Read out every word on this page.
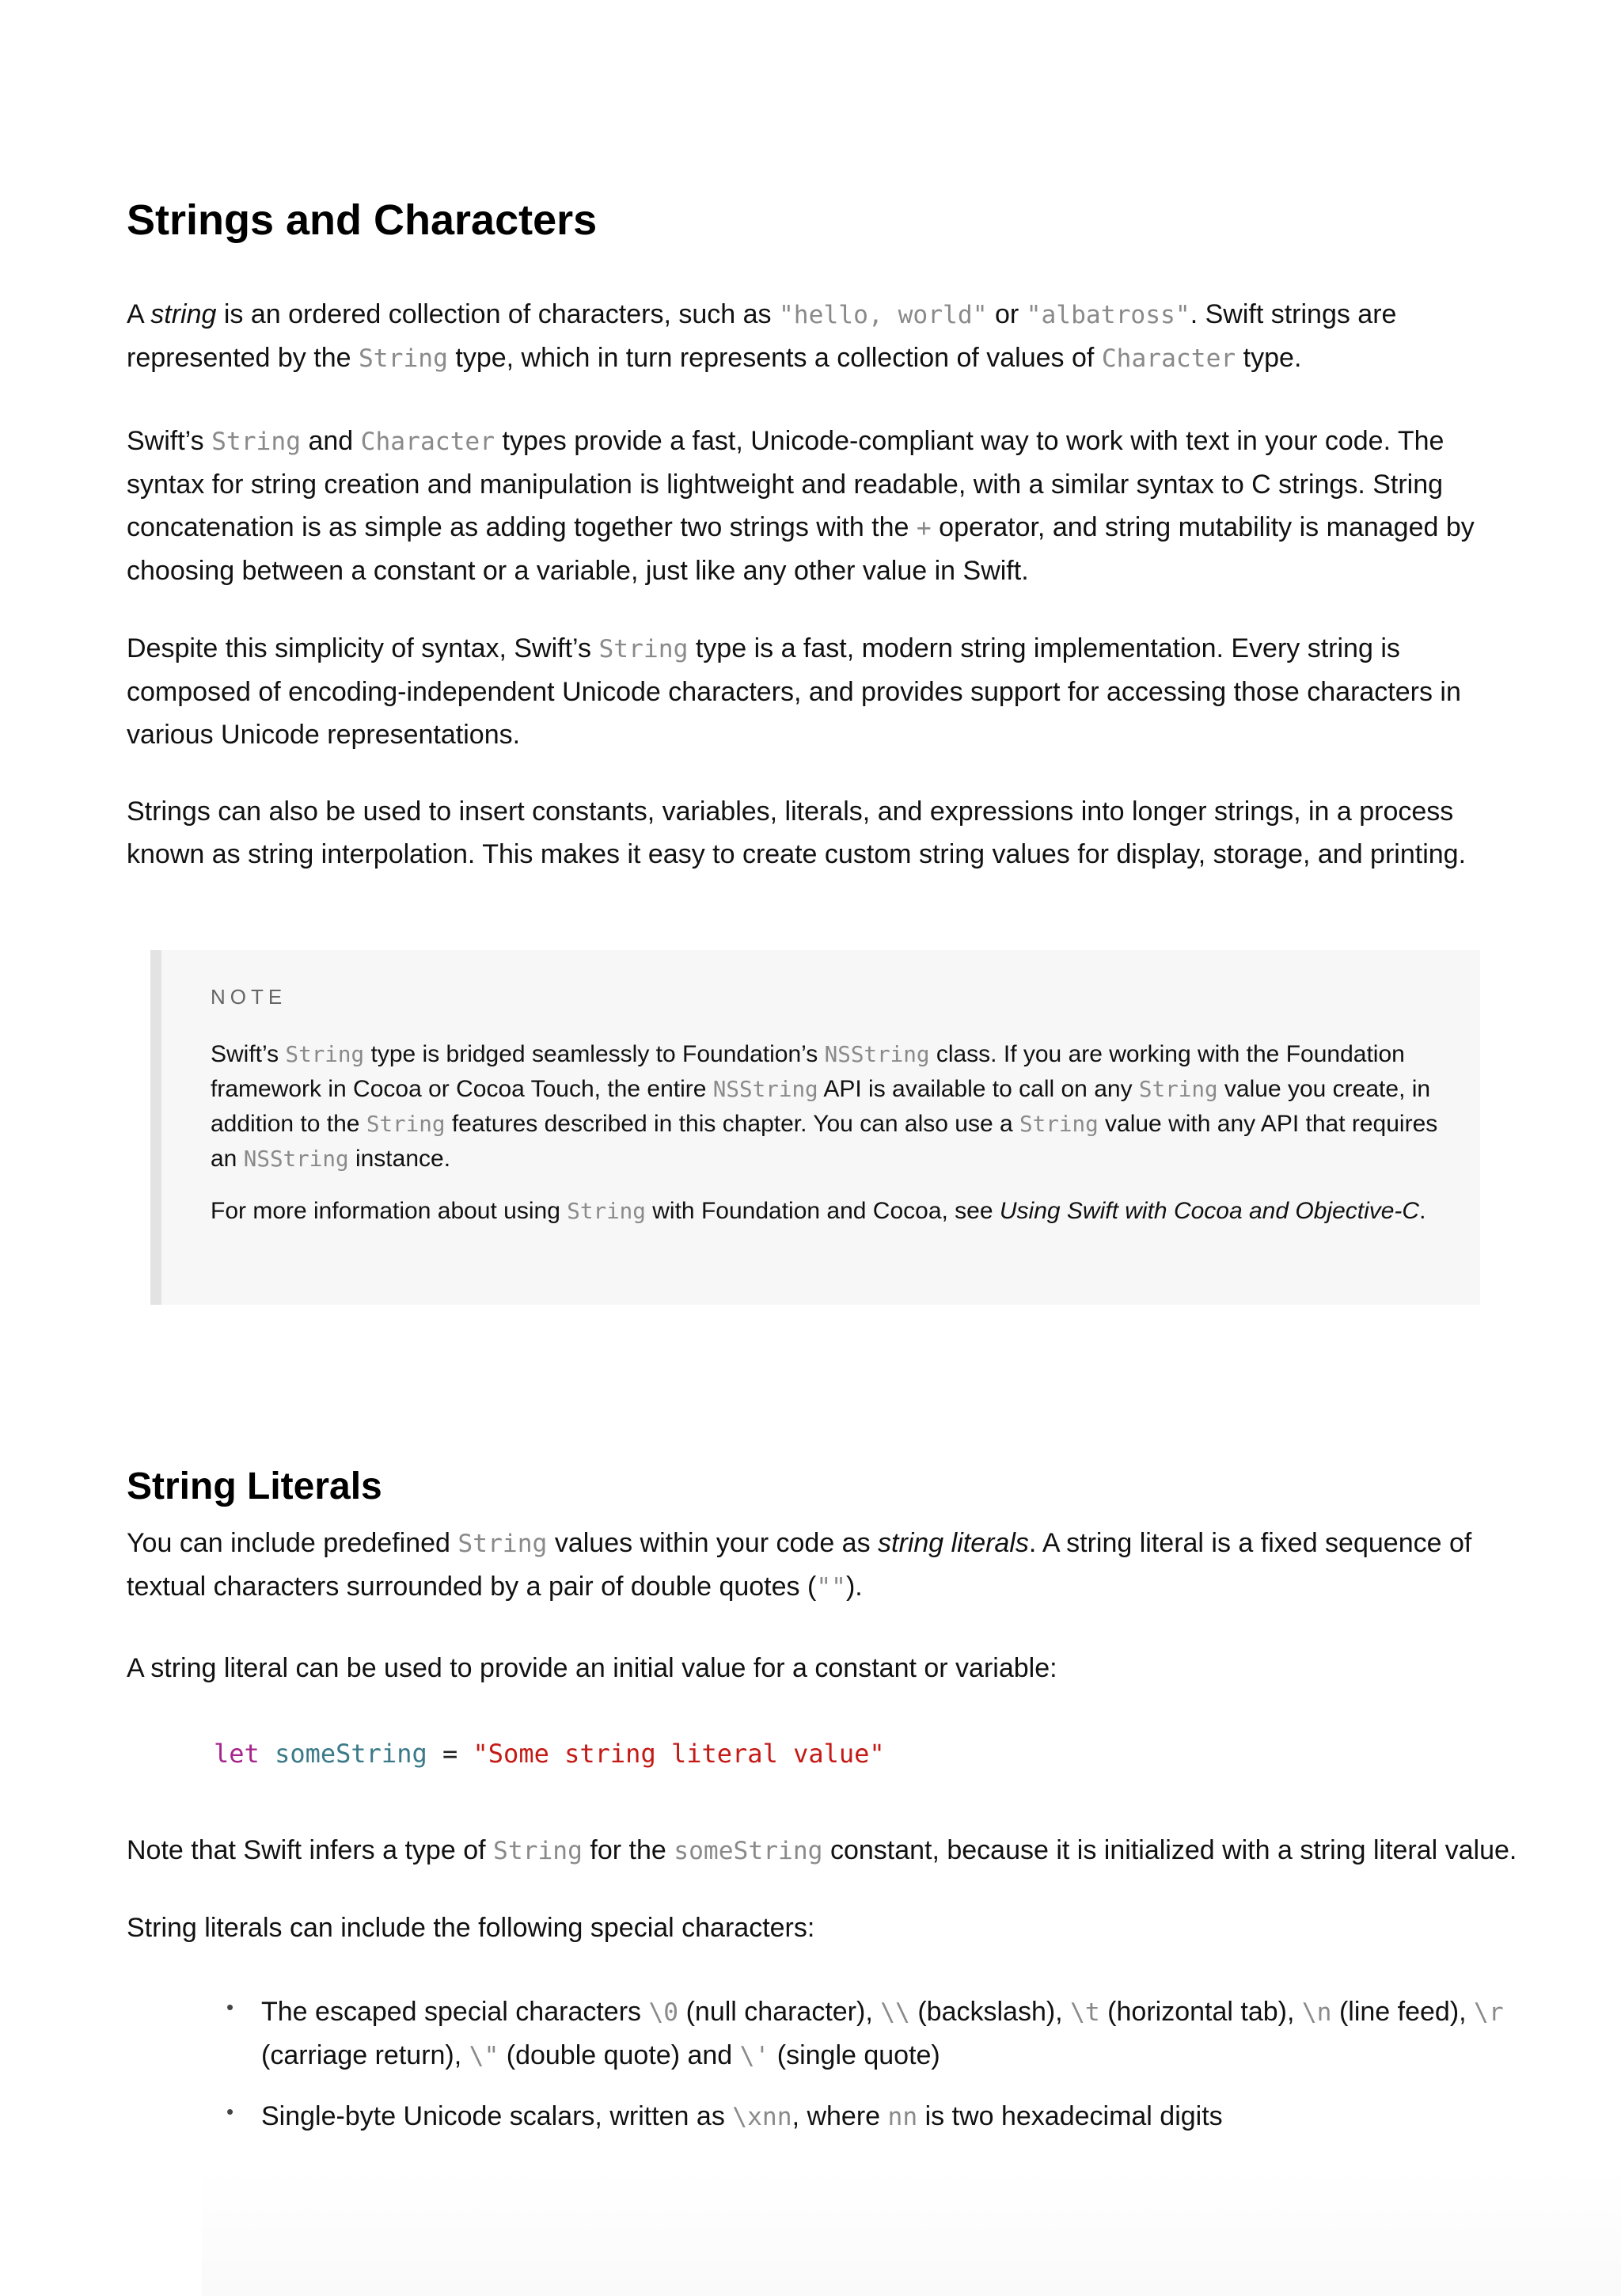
Strings and Characters

A string is an ordered collection of characters, such as "hello, world" or "albatross". Swift strings are represented by the String type, which in turn represents a collection of values of Character type.

Swift’s String and Character types provide a fast, Unicode-compliant way to work with text in your code. The syntax for string creation and manipulation is lightweight and readable, with a similar syntax to C strings. String concatenation is as simple as adding together two strings with the + operator, and string mutability is managed by choosing between a constant or a variable, just like any other value in Swift.

Despite this simplicity of syntax, Swift’s String type is a fast, modern string implementation. Every string is composed of encoding-independent Unicode characters, and provides support for accessing those characters in various Unicode representations.

Strings can also be used to insert constants, variables, literals, and expressions into longer strings, in a process known as string interpolation. This makes it easy to create custom string values for display, storage, and printing.

NOTE

Swift’s String type is bridged seamlessly to Foundation’s NSString class. If you are working with the Foundation framework in Cocoa or Cocoa Touch, the entire NSString API is available to call on any String value you create, in addition to the String features described in this chapter. You can also use a String value with any API that requires an NSString instance.

For more information about using String with Foundation and Cocoa, see Using Swift with Cocoa and Objective-C.

String Literals

You can include predefined String values within your code as string literals. A string literal is a fixed sequence of textual characters surrounded by a pair of double quotes ("").

A string literal can be used to provide an initial value for a constant or variable:

let someString = "Some string literal value"

Note that Swift infers a type of String for the someString constant, because it is initialized with a string literal value.

String literals can include the following special characters:

• The escaped special characters \0 (null character), \\ (backslash), \t (horizontal tab), \n (line feed), \r (carriage return), \" (double quote) and \' (single quote)
• Single-byte Unicode scalars, written as \xnn, where nn is two hexadecimal digits
